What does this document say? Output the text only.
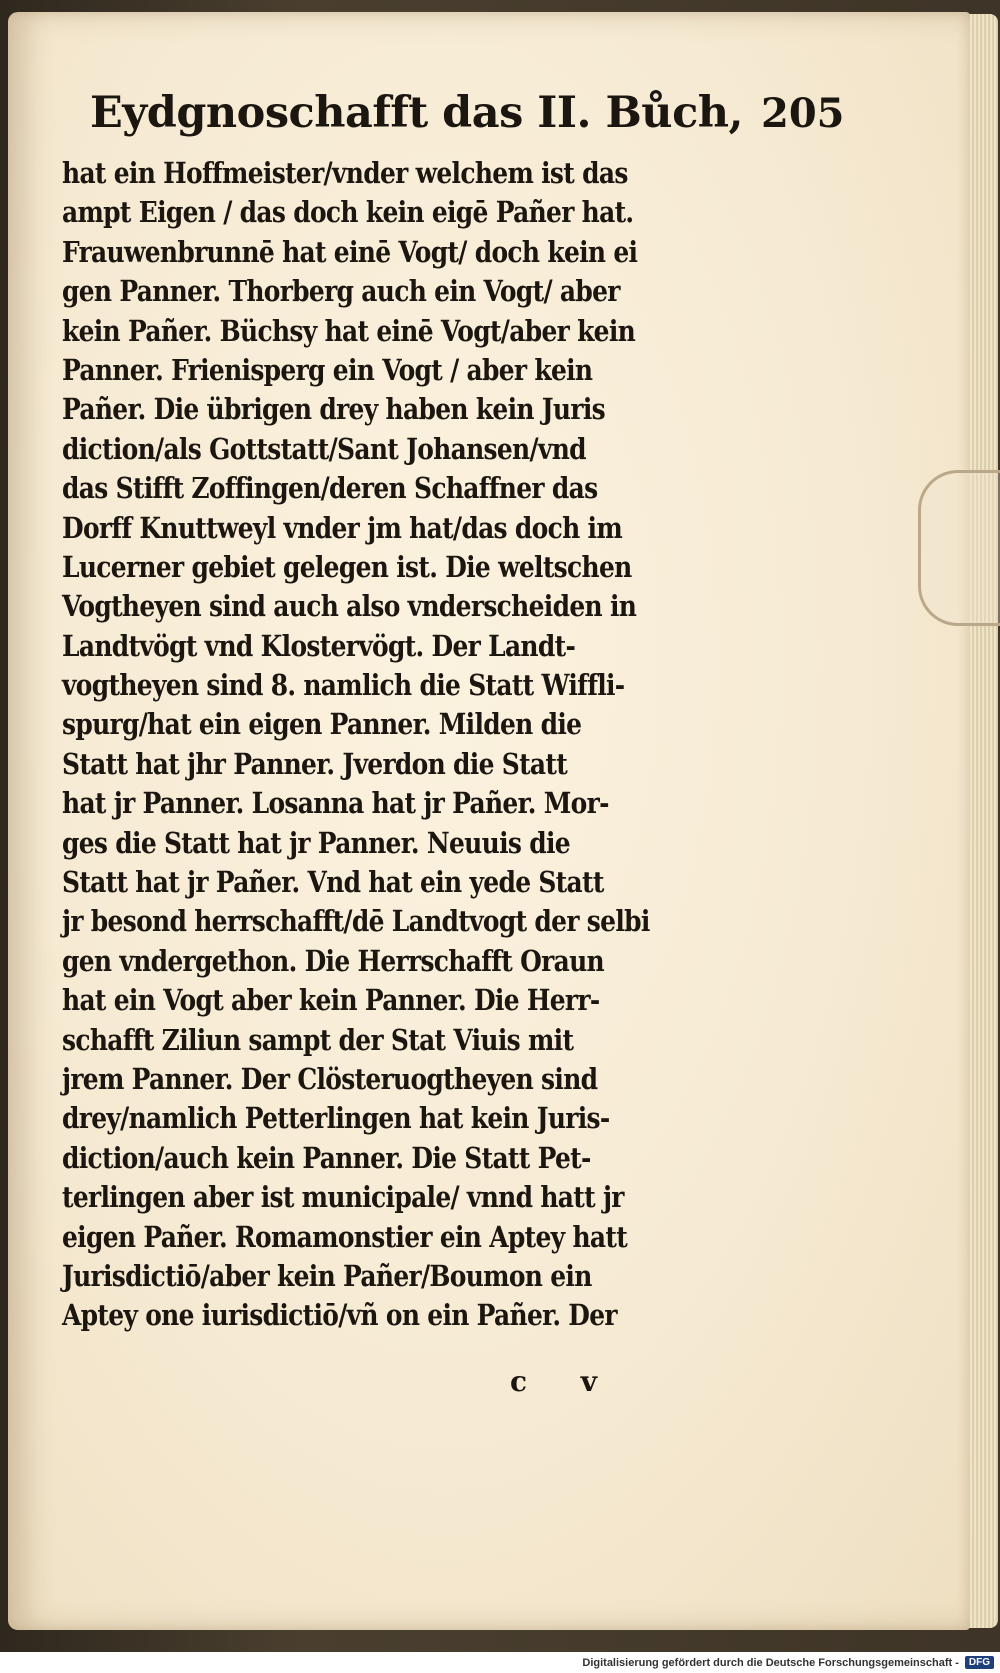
Eydgnoschafft das II. Bůch, 205
hat ein Hoffmeister/vnder welchem ist das
ampt Eigen / das doch kein eigē Pañer hat.
Frauwenbrunnē hat einē Vogt/ doch kein ei
gen Panner. Thorberg auch ein Vogt/ aber
kein Pañer. Büchsy hat einē Vogt/aber kein
Panner. Frienisperg ein Vogt / aber kein
Pañer. Die übrigen drey haben kein Juris
diction/als Gottstatt/Sant Johansen/vnd
das Stifft Zoffingen/deren Schaffner das
Dorff Knuttweyl vnder jm hat/das doch im
Lucerner gebiet gelegen ist. Die weltschen
Vogtheyen sind auch also vnderscheiden in
Landtvögt vnd Klostervögt. Der Landt-
vogtheyen sind 8. namlich die Statt Wiffli-
spurg/hat ein eigen Panner. Milden die
Statt hat jhr Panner. Jverdon die Statt
hat jr Panner. Losanna hat jr Pañer. Mor-
ges die Statt hat jr Panner. Neuuis die
Statt hat jr Pañer. Vnd hat ein yede Statt
jr besond herrschafft/dē Landtvogt der selbi
gen vndergethon. Die Herrschafft Oraun
hat ein Vogt aber kein Panner. Die Herr-
schafft Ziliun sampt der Stat Viuis mit
jrem Panner. Der Clösteruogtheyen sind
drey/namlich Petterlingen hat kein Juris-
diction/auch kein Panner. Die Statt Pet-
terlingen aber ist municipale/ vnnd hatt jr
eigen Pañer. Romamonstier ein Aptey hatt
Jurisdictiō/aber kein Pañer/Boumon ein
Aptey one iurisdictiō/vñ on ein Pañer. Der
c v
Digitalisierung gefördert durch die Deutsche Forschungsgemeinschaft -	DFG
